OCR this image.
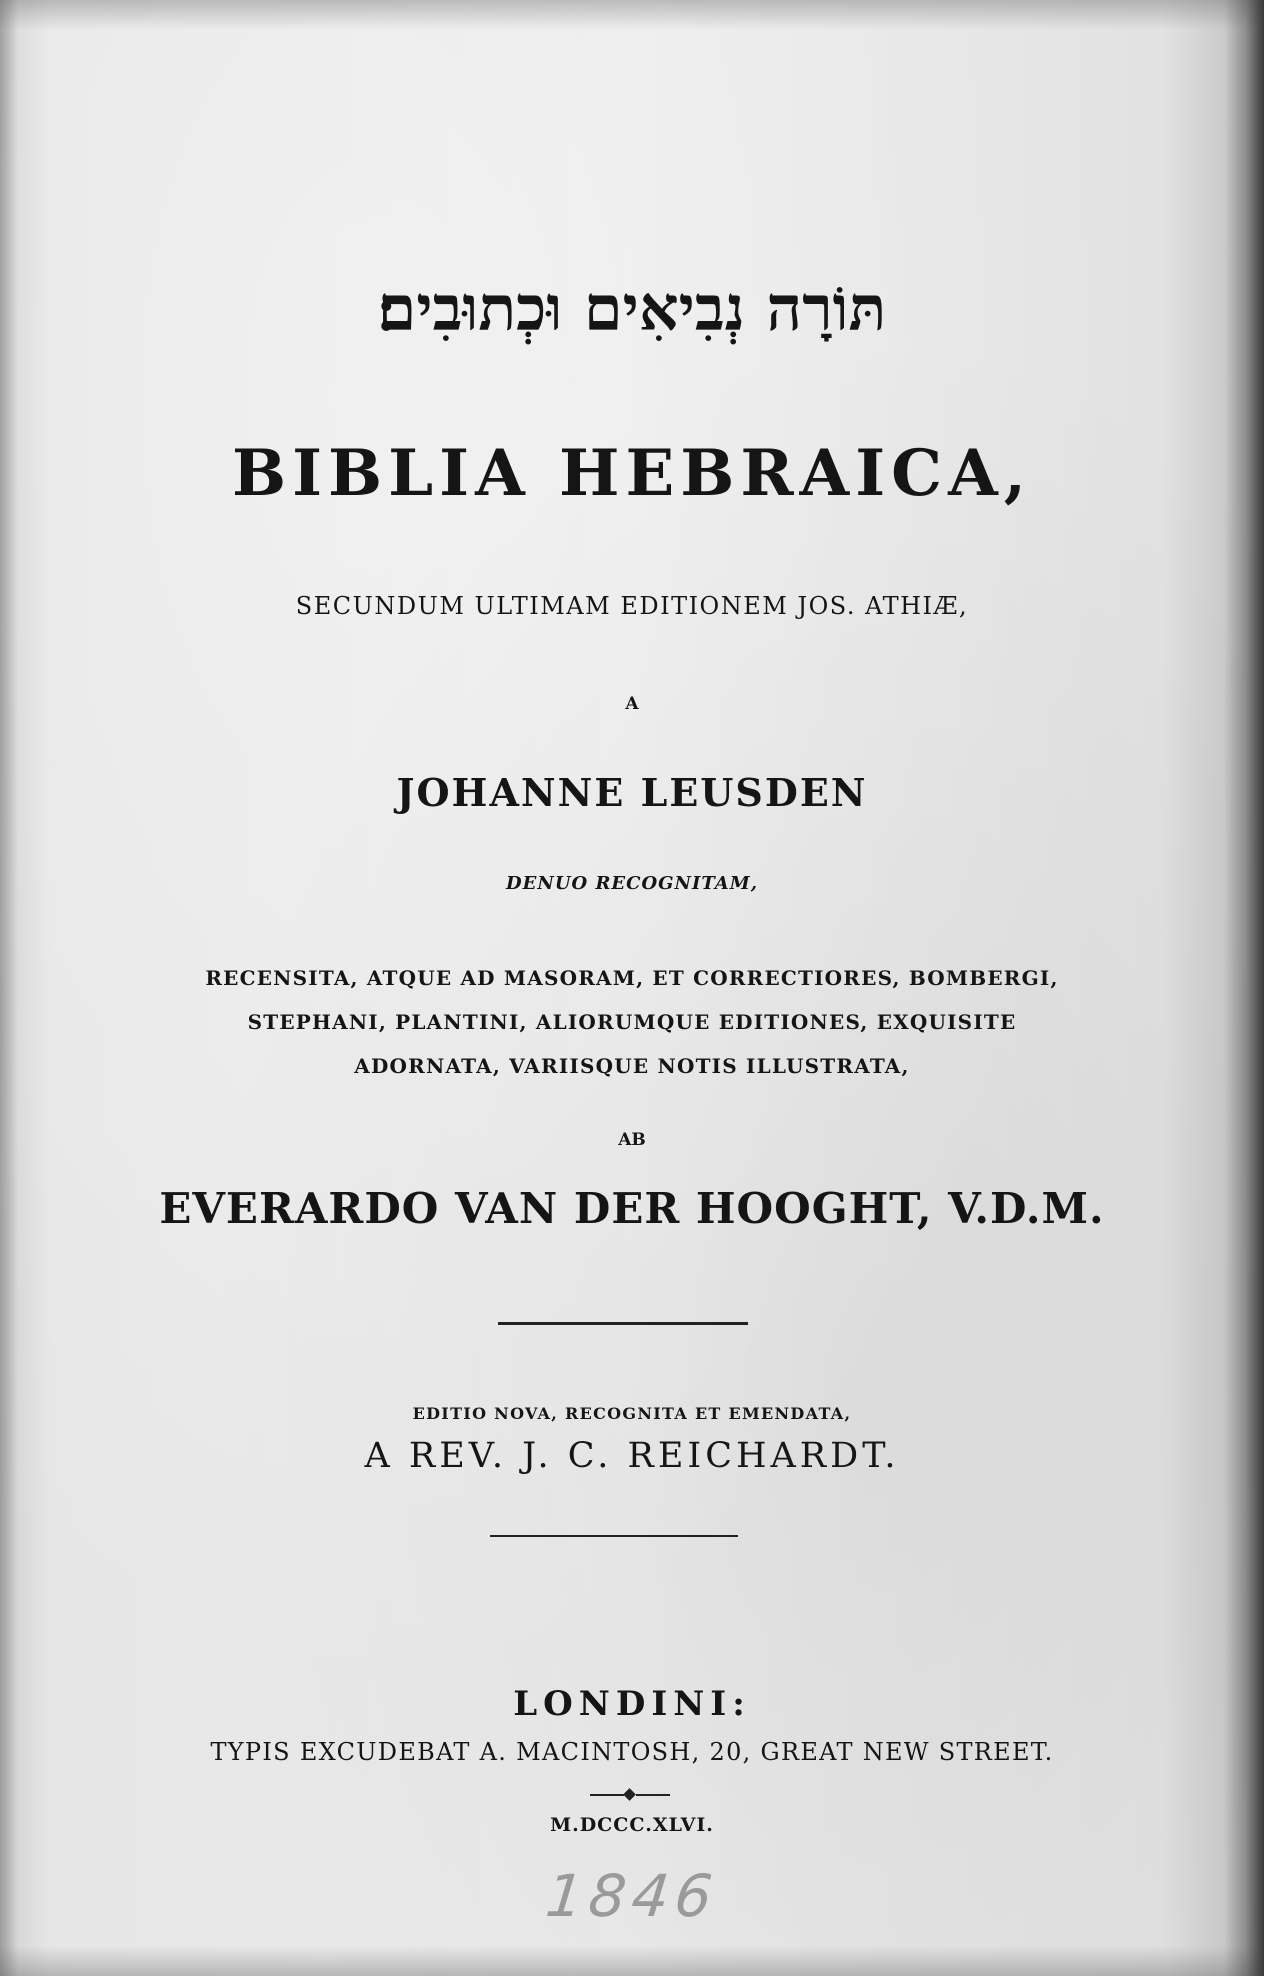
תּוֹרָה נְבִיאִים וּכְתוּבִים׃
BIBLIA HEBRAICA,
SECUNDUM ULTIMAM EDITIONEM JOS. ATHIÆ,
A
JOHANNE LEUSDEN
DENUO RECOGNITAM,
RECENSITA, ATQUE AD MASORAM, ET CORRECTIORES, BOMBERGI,
STEPHANI, PLANTINI, ALIORUMQUE EDITIONES, EXQUISITE
ADORNATA, VARIISQUE NOTIS ILLUSTRATA,
AB
EVERARDO VAN DER HOOGHT, V.D.M.
EDITIO NOVA, RECOGNITA ET EMENDATA,
A REV. J. C. REICHARDT.
LONDINI:
TYPIS EXCUDEBAT A. MACINTOSH, 20, GREAT NEW STREET.
M.DCCC.XLVI.
1846
